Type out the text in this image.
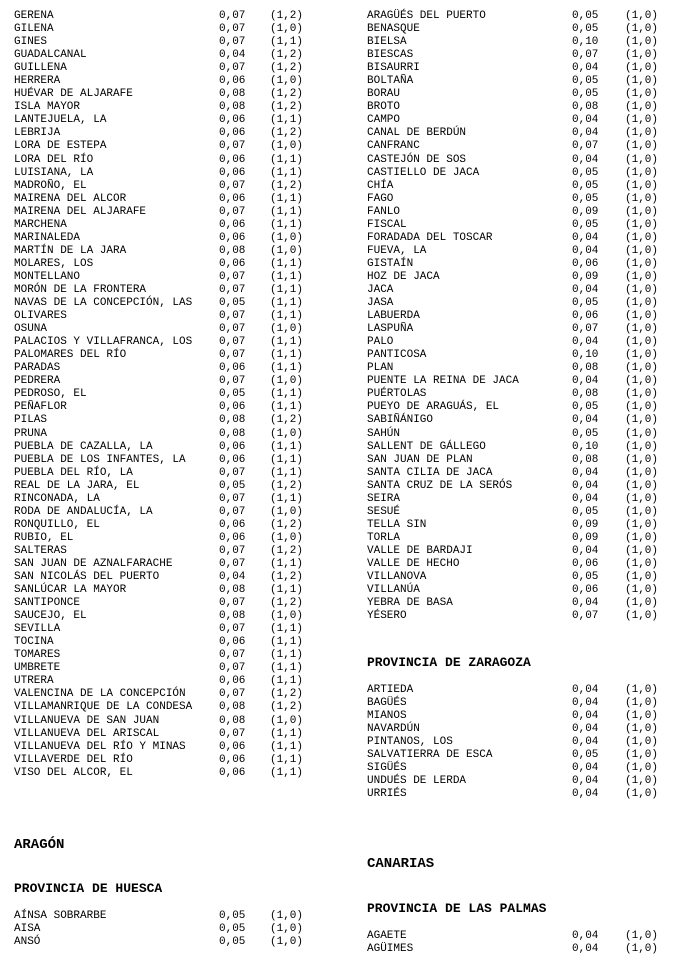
GERENA	0,07 (1,2)
GILENA	0,07 (1,0)
GINES	0,07 (1,1)
GUADALCANAL	0,04 (1,2)
GUILLENA	0,07 (1,2)
HERRERA	0,06 (1,0)
HUÉVAR DE ALJARAFE	0,08 (1,2)
ISLA MAYOR	0,08 (1,2)
LANTEJUELA, LA	0,06 (1,1)
LEBRIJA	0,06 (1,2)
LORA DE ESTEPA	0,07 (1,0)
LORA DEL RÍO	0,06 (1,1)
LUISIANA, LA	0,06 (1,1)
MADROÑO, EL	0,07 (1,2)
MAIRENA DEL ALCOR	0,06 (1,1)
MAIRENA DEL ALJARAFE	0,07 (1,1)
MARCHENA	0,06 (1,1)
MARINALEDA	0,06 (1,0)
MARTÍN DE LA JARA	0,08 (1,0)
MOLARES, LOS	0,06 (1,1)
MONTELLANO	0,07 (1,1)
MORÓN DE LA FRONTERA	0,07 (1,1)
NAVAS DE LA CONCEPCIÓN, LAS 0,05 (1,1)
OLIVARES	0,07 (1,1)
OSUNA	0,07 (1,0)
PALACIOS Y VILLAFRANCA, LOS 0,07 (1,1)
PALOMARES DEL RÍO	0,07 (1,1)
PARADAS	0,06 (1,1)
PEDRERA	0,07 (1,0)
PEDROSO, EL	0,05 (1,1)
PEÑAFLOR	0,06 (1,1)
PILAS	0,08 (1,2)
PRUNA	0,08 (1,0)
PUEBLA DE CAZALLA, LA	0,06 (1,1)
PUEBLA DE LOS INFANTES, LA	0,06 (1,1)
PUEBLA DEL RÍO, LA	0,07 (1,1)
REAL DE LA JARA, EL	0,05 (1,2)
RINCONADA, LA	0,07 (1,1)
RODA DE ANDALUCÍA, LA	0,07 (1,0)
RONQUILLO, EL	0,06 (1,2)
RUBIO, EL	0,06 (1,0)
SALTERAS	0,07 (1,2)
SAN JUAN DE AZNALFARACHE	0,07 (1,1)
SAN NICOLÁS DEL PUERTO	0,04 (1,2)
SANLÚCAR LA MAYOR	0,08 (1,1)
SANTIPONCE	0,07 (1,2)
SAUCEJO, EL	0,08 (1,0)
SEVILLA	0,07 (1,1)
TOCINA	0,06 (1,1)
TOMARES	0,07 (1,1)
UMBRETE	0,07 (1,1)
UTRERA	0,06 (1,1)
VALENCINA DE LA CONCEPCIÓN	0,07 (1,2)
VILLAMANRIQUE DE LA CONDESA 0,08 (1,2)
VILLANUEVA DE SAN JUAN	0,08 (1,0)
VILLANUEVA DEL ARISCAL	0,07 (1,1)
VILLANUEVA DEL RÍO Y MINAS	0,06 (1,1)
VILLAVERDE DEL RÍO	0,06 (1,1)
VISO DEL ALCOR, EL	0,06 (1,1)
ARAGÓN
PROVINCIA DE HUESCA
AÍNSA SOBRARBE	0,05 (1,0)
AISA	0,05 (1,0)
ANSÓ	0,05 (1,0)
ARAGÜÉS DEL PUERTO	0,05 (1,0)
BENASQUE	0,05 (1,0)
BIELSA	0,10 (1,0)
BIESCAS	0,07 (1,0)
BISAURRI	0,04 (1,0)
BOLTAÑA	0,05 (1,0)
BORAU	0,05 (1,0)
BROTO	0,08 (1,0)
CAMPO	0,04 (1,0)
CANAL DE BERDÚN	0,04 (1,0)
CANFRANC	0,07 (1,0)
CASTEJÓN DE SOS	0,04 (1,0)
CASTIELLO DE JACA	0,05 (1,0)
CHÍA	0,05 (1,0)
FAGO	0,05 (1,0)
FANLO	0,09 (1,0)
FISCAL	0,05 (1,0)
FORADADA DEL TOSCAR	0,04 (1,0)
FUEVA, LA	0,04 (1,0)
GISTAÍN	0,06 (1,0)
HOZ DE JACA	0,09 (1,0)
JACA	0,04 (1,0)
JASA	0,05 (1,0)
LABUERDA	0,06 (1,0)
LASPUÑA	0,07 (1,0)
PALO	0,04 (1,0)
PANTICOSA	0,10 (1,0)
PLAN	0,08 (1,0)
PUENTE LA REINA DE JACA	0,04 (1,0)
PUÉRTOLAS	0,08 (1,0)
PUEYO DE ARAGUÁS, EL	0,05 (1,0)
SABIÑÁNIGO	0,04 (1,0)
SAHÚN	0,05 (1,0)
SALLENT DE GÁLLEGO	0,10 (1,0)
SAN JUAN DE PLAN	0,08 (1,0)
SANTA CILIA DE JACA	0,04 (1,0)
SANTA CRUZ DE LA SERÓS	0,04 (1,0)
SEIRA	0,04 (1,0)
SESUÉ	0,05 (1,0)
TELLA SIN	0,09 (1,0)
TORLA	0,09 (1,0)
VALLE DE BARDAJI	0,04 (1,0)
VALLE DE HECHO	0,06 (1,0)
VILLANOVA	0,05 (1,0)
VILLANÚA	0,06 (1,0)
YEBRA DE BASA	0,04 (1,0)
YÉSERO	0,07 (1,0)
PROVINCIA DE ZARAGOZA
ARTIEDA	0,04 (1,0)
BAGÜÉS	0,04 (1,0)
MIANOS	0,04 (1,0)
NAVARDÚN	0,04 (1,0)
PINTANOS, LOS	0,04 (1,0)
SALVATIERRA DE ESCA	0,05 (1,0)
SIGÜÉS	0,04 (1,0)
UNDUÉS DE LERDA	0,04 (1,0)
URRIÉS	0,04 (1,0)
CANARIAS
PROVINCIA DE LAS PALMAS
AGAETE	0,04 (1,0)
AGÜIMES	0,04 (1,0)
